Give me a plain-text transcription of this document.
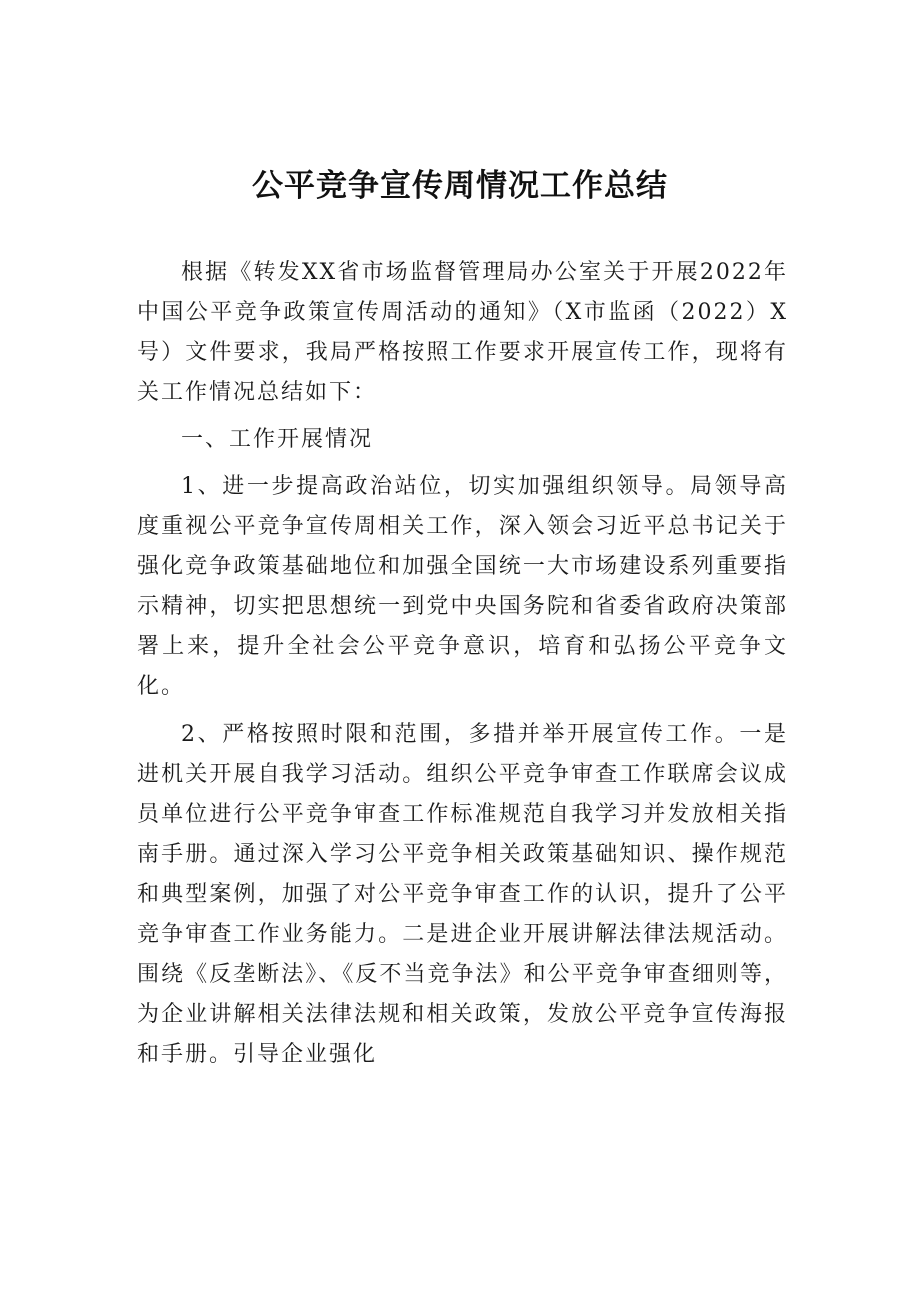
公平竞争宣传周情况工作总结

根据《转发XX省市场监督管理局办公室关于开展2022年中国公平竞争政策宣传周活动的通知》（X市监函（2022）X号）文件要求，我局严格按照工作要求开展宣传工作，现将有关工作情况总结如下：

一、工作开展情况

1、进一步提高政治站位，切实加强组织领导。局领导高度重视公平竞争宣传周相关工作，深入领会习近平总书记关于强化竞争政策基础地位和加强全国统一大市场建设系列重要指示精神，切实把思想统一到党中央国务院和省委省政府决策部署上来，提升全社会公平竞争意识，培育和弘扬公平竞争文化。

2、严格按照时限和范围，多措并举开展宣传工作。一是进机关开展自我学习活动。组织公平竞争审查工作联席会议成员单位进行公平竞争审查工作标准规范自我学习并发放相关指南手册。通过深入学习公平竞争相关政策基础知识、操作规范和典型案例，加强了对公平竞争审查工作的认识，提升了公平竞争审查工作业务能力。二是进企业开展讲解法律法规活动。围绕《反垄断法》、《反不当竞争法》和公平竞争审查细则等，为企业讲解相关法律法规和相关政策，发放公平竞争宣传海报和手册。引导企业强化
